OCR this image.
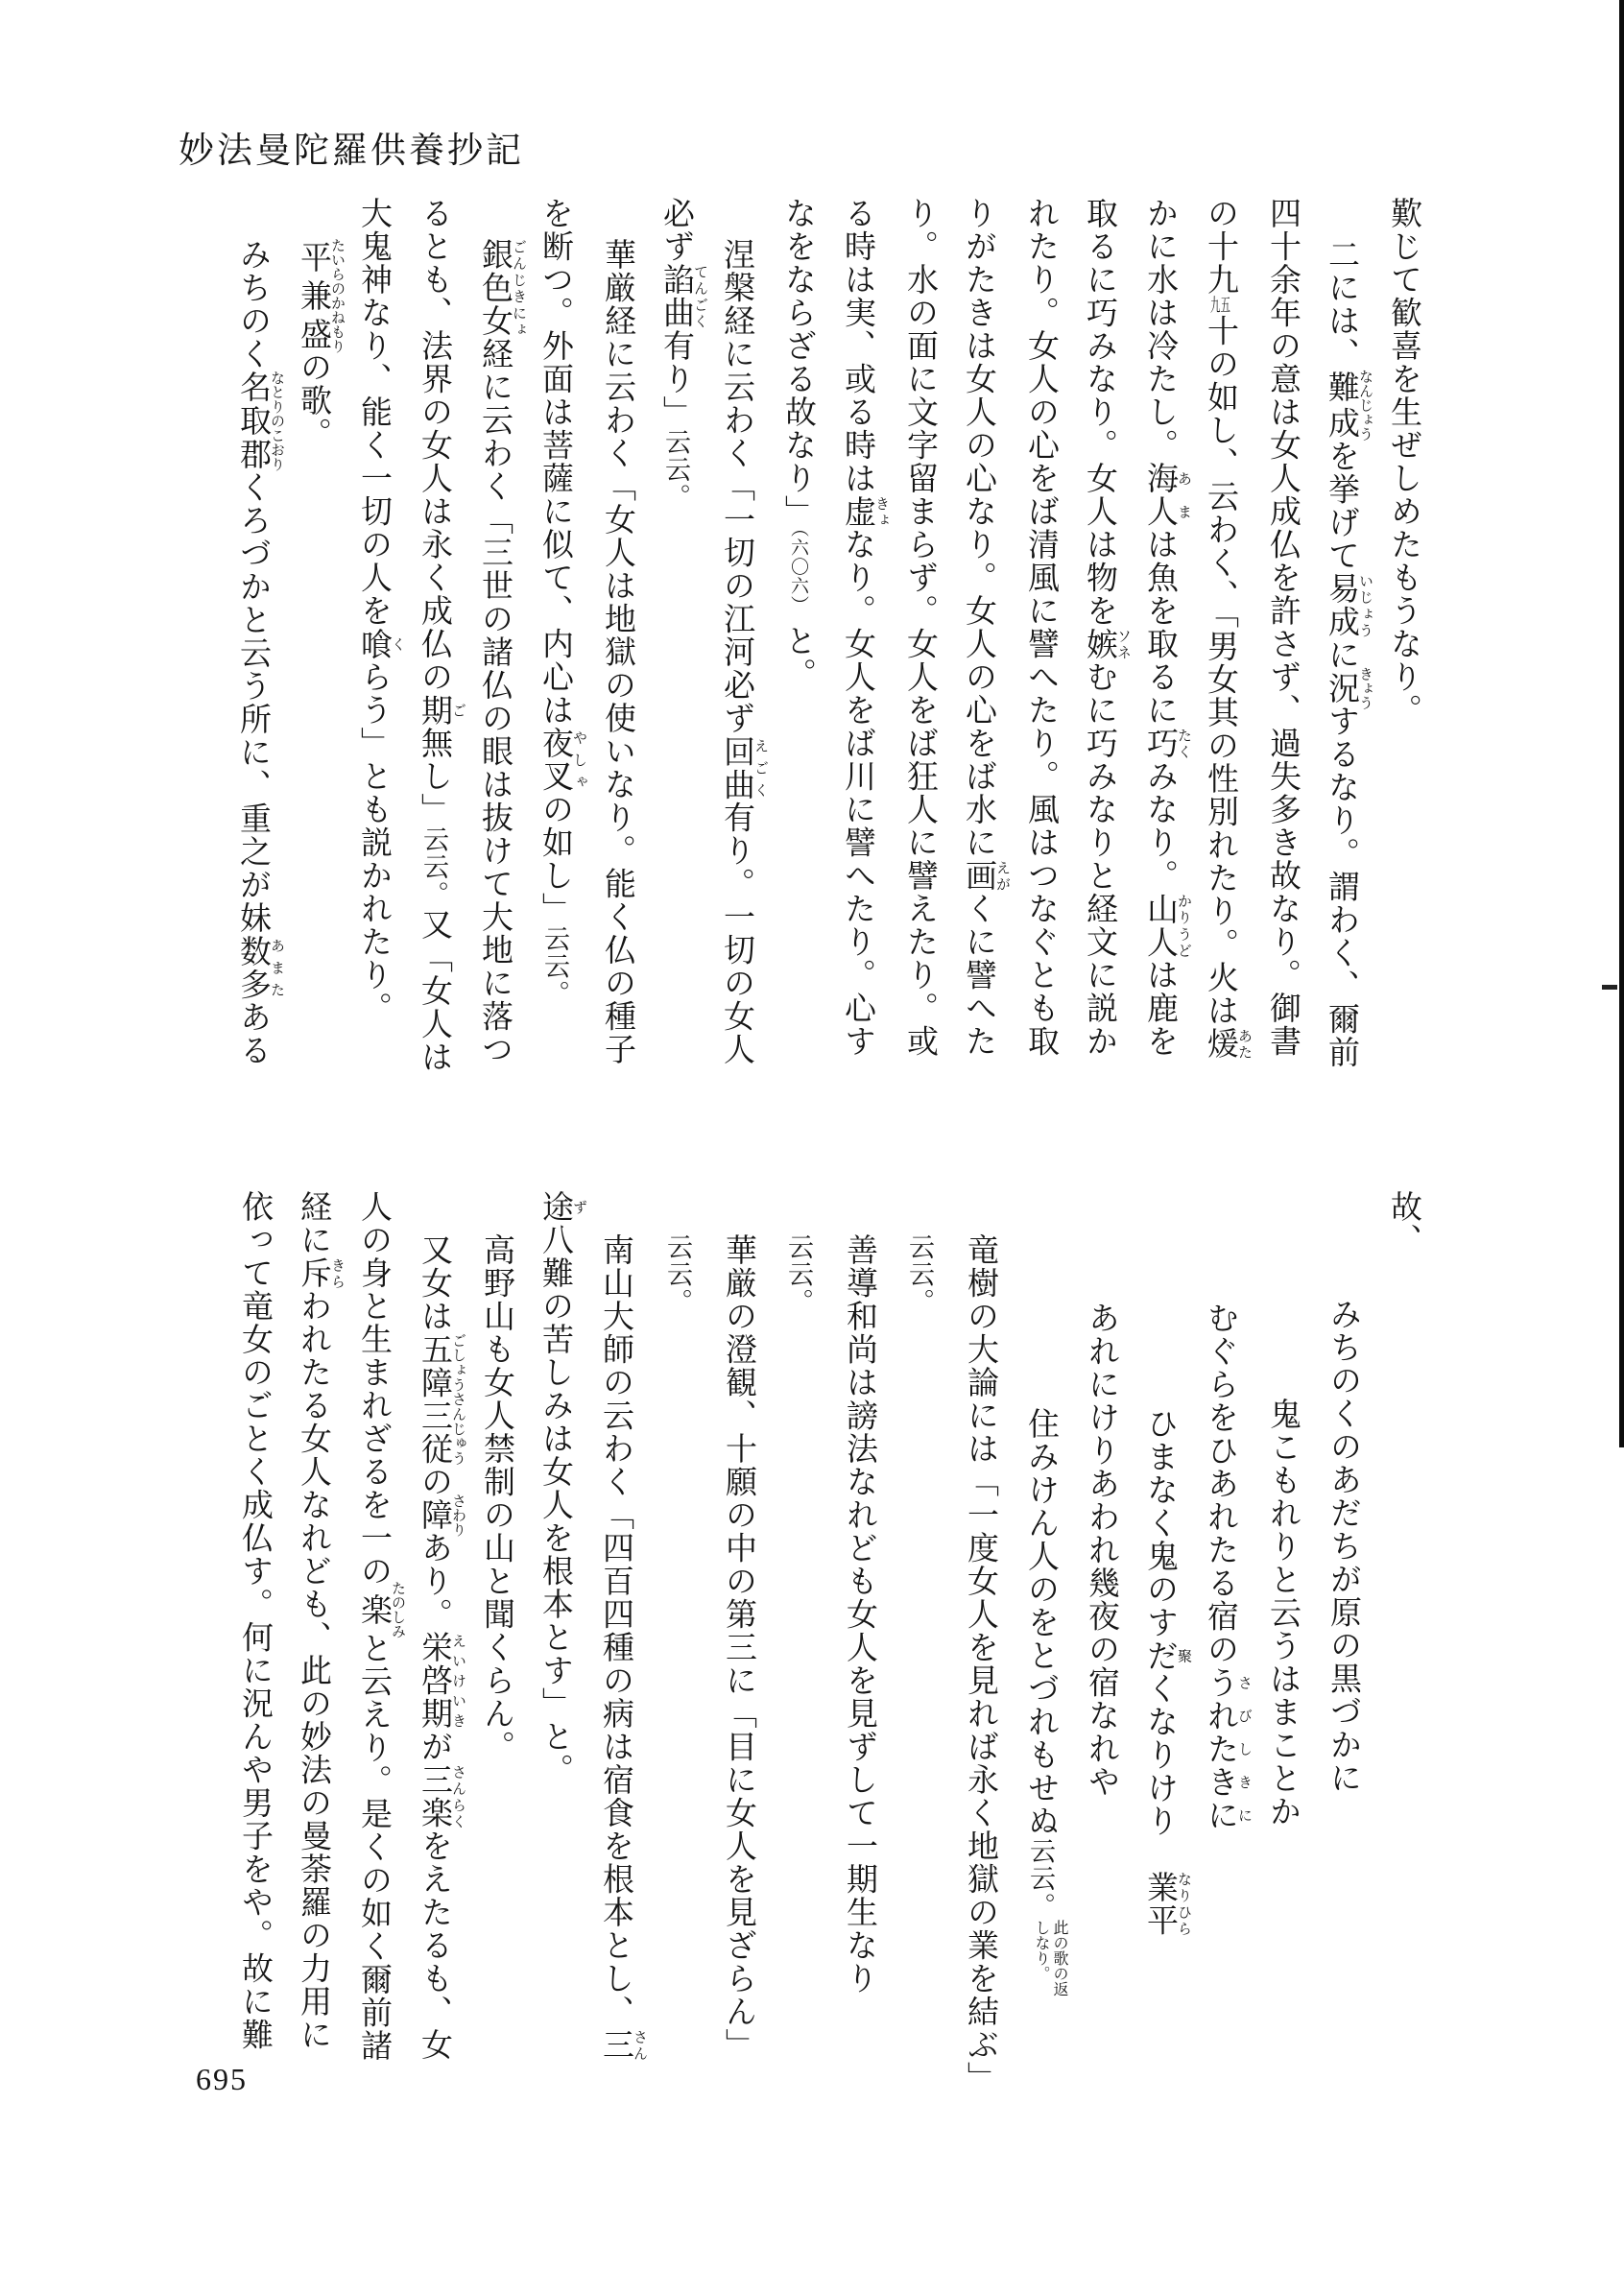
妙法曼陀羅供養抄記
歎じて歓喜を生ぜしめたもうなり。
二には、難成 なんじょうを挙げて易成 いじょうに況 きょうするなり。謂わく、爾前
四十余年の意は女人成仏を許さず、過失多き故なり。御書
の十九九五十の如し、云わく、「男女其の性別れたり。火は煖 あた
かに水は冷たし。海人 あまは魚を取るに巧 たくみなり。山人 かりうどは鹿を
取るに巧みなり。女人は物を嫉 ソネむに巧みなりと経文に説か
れたり。女人の心をば清風に譬へたり。風はつなぐとも取
りがたきは女人の心なり。女人の心をば水に画 えがくに譬へた
り。水の面に文字留まらず。女人をば狂人に譬えたり。或
る時は実、或る時は虚 きょなり。女人をば川に譬へたり。心す
なをならざる故なり」（六〇六）と。
涅槃経に云わく「一切の江河必ず回曲 えごく有り。一切の女人
必ず諂曲 てんごく有り」云云。
華厳経に云わく「女人は地獄の使いなり。能く仏の種子
を断つ。外面は菩薩に似て、内心は夜叉 やしゃの如し」云云。
銀色女 ごんじきにょ経に云わく「三世の諸仏の眼は抜けて大地に落つ
るとも、法界の女人は永く成仏の期 ご無し」云云。又「女人は
大鬼神なり、能く一切の人を喰 くらう」とも説かれたり。
平兼盛 たいらのかねもりの歌。
みちのく名取郡 なとりのこおりくろづかと云う所に、重之が妹数多 あまたある
故、
みちのくのあだちが原の黒づかに
鬼こもれりと云うはまことか
むぐらをひあれたる宿のうれたきに さびしきに
ひまなく鬼のすだ 聚くなりけり業平 なりひら
あれにけりあわれ幾夜の宿なれや
住みけん人のをとづれもせぬ云云。
此の歌の返
しなり。
竜樹の大論には「一度女人を見れば永く地獄の業を結ぶ」
云云。
善導和尚は謗法なれども女人を見ずして一期生なり
云云。
華厳の澄観、十願の中の第三に「目に女人を見ざらん」
云云。
南山大師の云わく「四百四種の病は宿食を根本とし、三 さん
途 ず八難の苦しみは女人を根本とす」と。
高野山も女人禁制の山と聞くらん。
又女は五障三従 ごしょうさんじゅうの障 さわりあり。栄啓期 えいけいきが三楽 さんらくをえたるも、女
人の身と生まれざるを一の楽 たのしみと云えり。是くの如く爾前諸
経に斥 きらわれたる女人なれども、此の妙法の曼荼羅の力用に
依って竜女のごとく成仏す。何に況んや男子をや。故に難
695
